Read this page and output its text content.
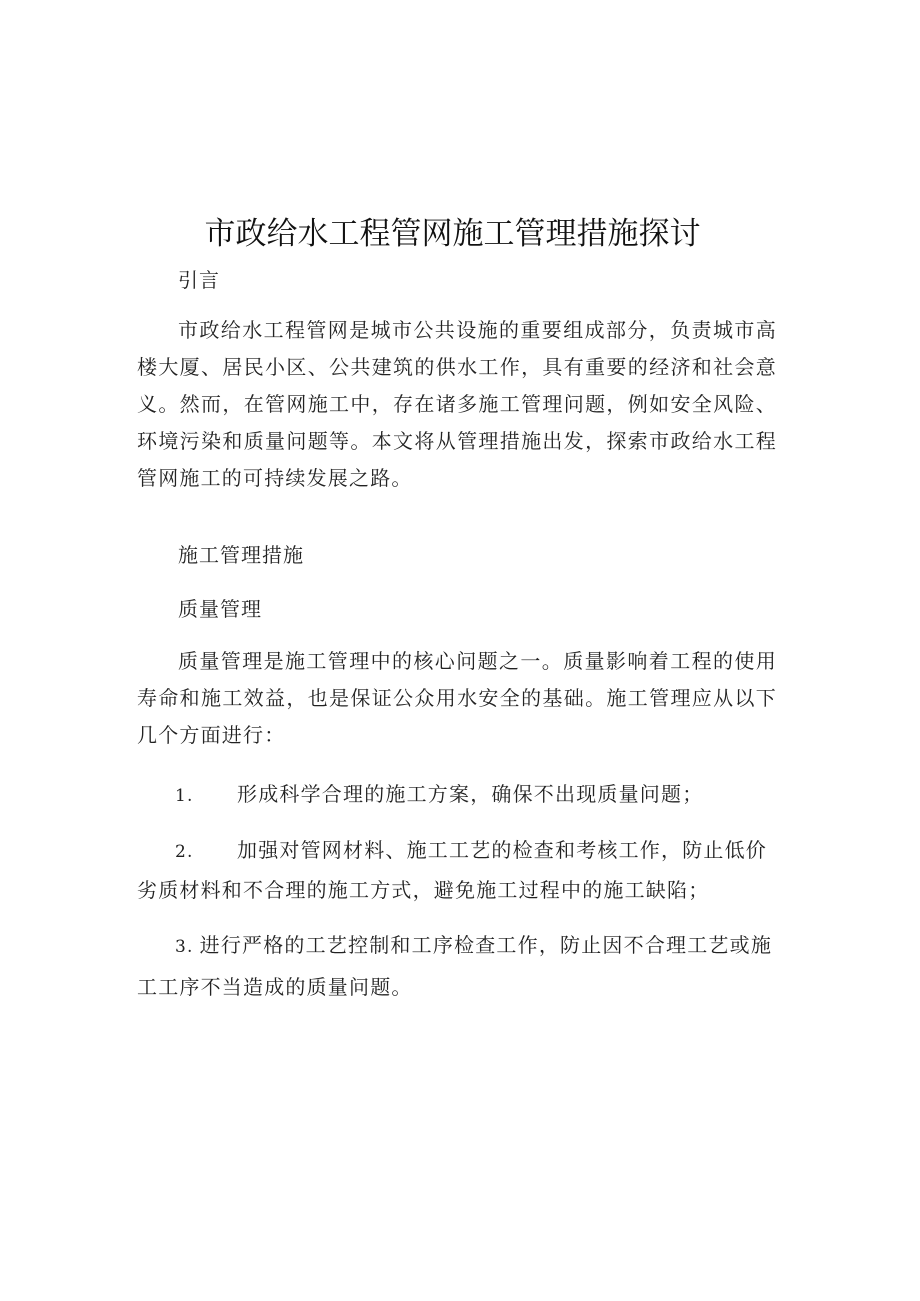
市政给水工程管网施工管理措施探讨
引言
市政给水工程管网是城市公共设施的重要组成部分，负责城市高楼大厦、居民小区、公共建筑的供水工作，具有重要的经济和社会意义。然而，在管网施工中，存在诸多施工管理问题，例如安全风险、环境污染和质量问题等。本文将从管理措施出发，探索市政给水工程管网施工的可持续发展之路。
施工管理措施
质量管理
质量管理是施工管理中的核心问题之一。质量影响着工程的使用寿命和施工效益，也是保证公众用水安全的基础。施工管理应从以下几个方面进行：
1. 形成科学合理的施工方案，确保不出现质量问题；
2. 加强对管网材料、施工工艺的检查和考核工作，防止低价
劣质材料和不合理的施工方式，避免施工过程中的施工缺陷；
3. 进行严格的工艺控制和工序检查工作，防止因不合理工艺或施工工序不当造成的质量问题。
